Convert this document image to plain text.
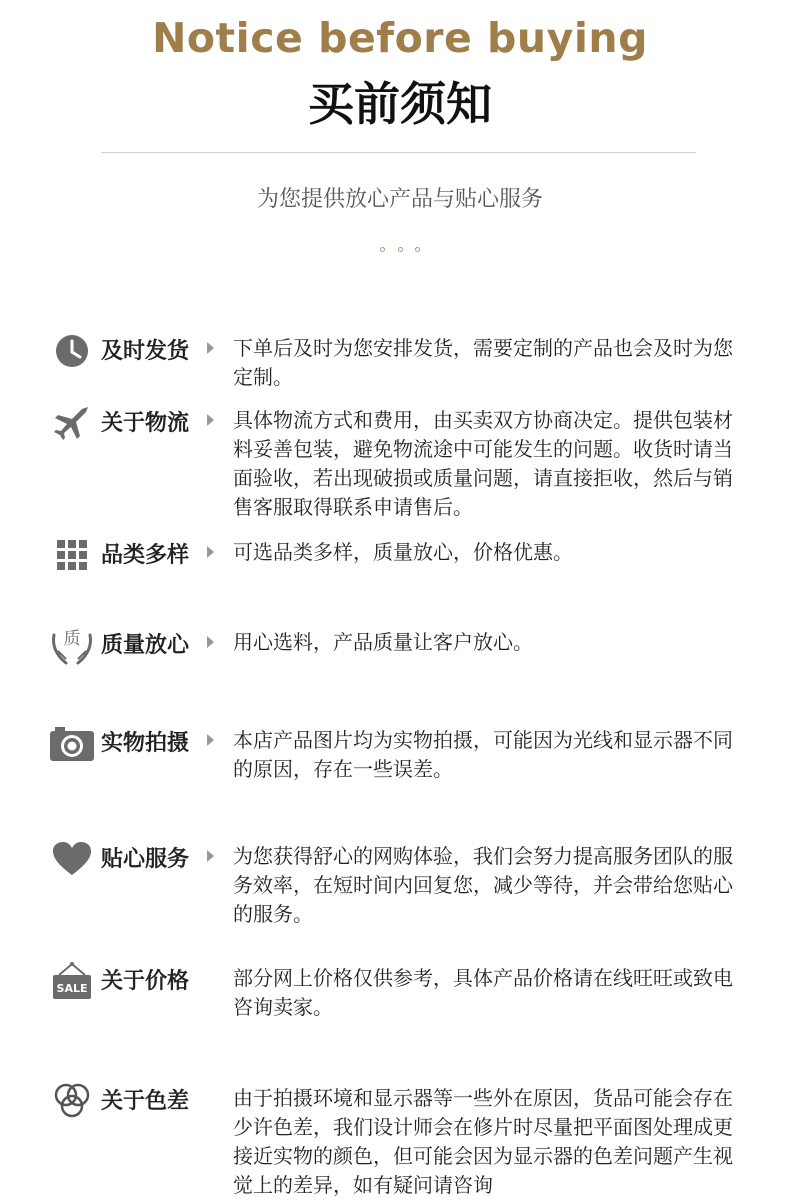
Notice before buying
买前须知
为您提供放心产品与贴心服务
及时发货 下单后及时为您安排发货，需要定制的产品也会及时为您定制。
关于物流 具体物流方式和费用，由买卖双方协商决定。提供包装材料妥善包装，避免物流途中可能发生的问题。收货时请当面验收，若出现破损或质量问题，请直接拒收，然后与销售客服取得联系申请售后。
品类多样 可选品类多样，质量放心，价格优惠。
质 质量放心 用心选料，产品质量让客户放心。
实物拍摄 本店产品图片均为实物拍摄，可能因为光线和显示器不同的原因，存在一些误差。
贴心服务 为您获得舒心的网购体验，我们会努力提高服务团队的服务效率，在短时间内回复您，减少等待，并会带给您贴心的服务。
SALE 关于价格 部分网上价格仅供参考，具体产品价格请在线旺旺或致电咨询卖家。
关于色差 由于拍摄环境和显示器等一些外在原因，货品可能会存在少许色差，我们设计师会在修片时尽量把平面图处理成更接近实物的颜色，但可能会因为显示器的色差问题产生视觉上的差异，如有疑问请咨询
